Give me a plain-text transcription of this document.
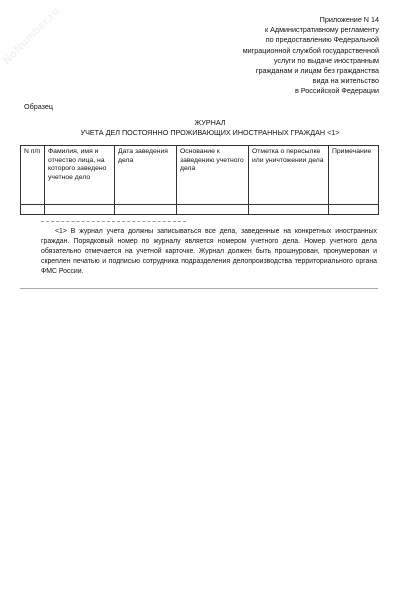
NoNumber.ru	Приложение N 14
к Административному регламенту
по предоставлению Федеральной
миграционной службой государственной
услуги по выдаче иностранным
гражданам и лицам без гражданства
вида на жительство
в Российской Федерации
Образец
ЖУРНАЛ
УЧЕТА ДЕЛ ПОСТОЯННО ПРОЖИВАЮЩИХ ИНОСТРАННЫХ ГРАЖДАН <1>
N п/п	Фамилия, имя и отчество лица, на которого заведено учетное дело	Дата заведения дела	Основание к заведению учетного дела	Отметка о пересылке или уничтожении дела	Примечание

<1> В журнал учета должны записываться все дела, заведенные на конкретных иностранных граждан. Порядковый номер по журналу является номером учетного дела. Номер учетного дела обязательно отмечается на учетной карточке. Журнал должен быть прошнурован, пронумерован и скреплен печатью и подписью сотрудника подразделения делопроизводства территориального органа ФМС России.
